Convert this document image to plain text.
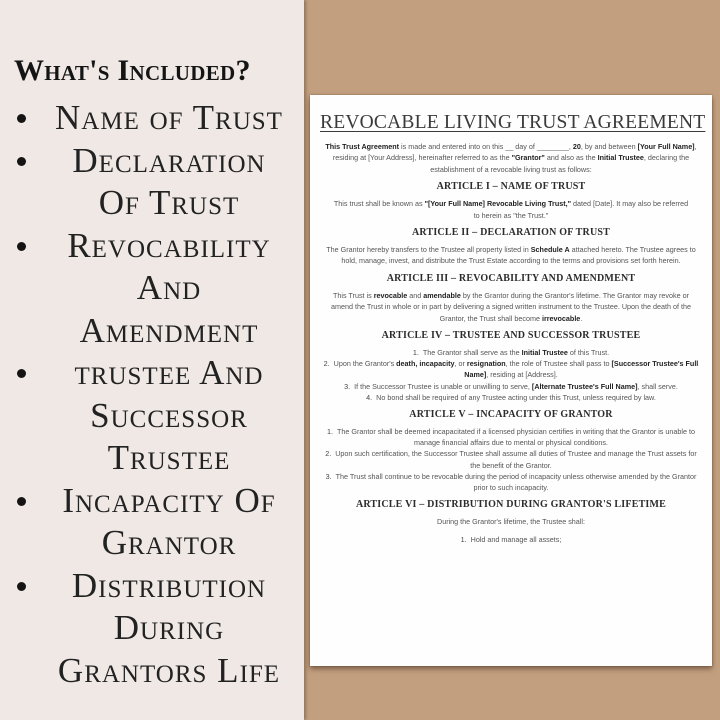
What's Included?
Name of Trust
Declaration
Of Trust
Revocability
And
Amendment
trustee And
Successor
Trustee
Incapacity Of
Grantor
Distribution
During
Grantors Life
REVOCABLE LIVING TRUST AGREEMENT

This Trust Agreement is made and entered into on this __ day of ________, 20, by and between [Your Full Name], residing at [Your Address], hereinafter referred to as the "Grantor" and also as the Initial Trustee, declaring the establishment of a revocable living trust as follows:

ARTICLE I – NAME OF TRUST

This trust shall be known as "[Your Full Name] Revocable Living Trust," dated [Date]. It may also be referred to herein as "the Trust."

ARTICLE II – DECLARATION OF TRUST

The Grantor hereby transfers to the Trustee all property listed in Schedule A attached hereto. The Trustee agrees to hold, manage, invest, and distribute the Trust Estate according to the terms and provisions set forth herein.

ARTICLE III – REVOCABILITY AND AMENDMENT

This Trust is revocable and amendable by the Grantor during the Grantor's lifetime. The Grantor may revoke or amend the Trust in whole or in part by delivering a signed written instrument to the Trustee. Upon the death of the Grantor, the Trust shall become irrevocable.

ARTICLE IV – TRUSTEE AND SUCCESSOR TRUSTEE
1. The Grantor shall serve as the Initial Trustee of this Trust.
2. Upon the Grantor's death, incapacity, or resignation, the role of Trustee shall pass to [Successor Trustee's Full Name], residing at [Address].
3. If the Successor Trustee is unable or unwilling to serve, [Alternate Trustee's Full Name], shall serve.
4. No bond shall be required of any Trustee acting under this Trust, unless required by law.
ARTICLE V – INCAPACITY OF GRANTOR
1. The Grantor shall be deemed incapacitated if a licensed physician certifies in writing that the Grantor is unable to manage financial affairs due to mental or physical conditions.
2. Upon such certification, the Successor Trustee shall assume all duties of Trustee and manage the Trust assets for the benefit of the Grantor.
3. The Trust shall continue to be revocable during the period of incapacity unless otherwise amended by the Grantor prior to such incapacity.
ARTICLE VI – DISTRIBUTION DURING GRANTOR'S LIFETIME

During the Grantor's lifetime, the Trustee shall:

1. Hold and manage all assets;
